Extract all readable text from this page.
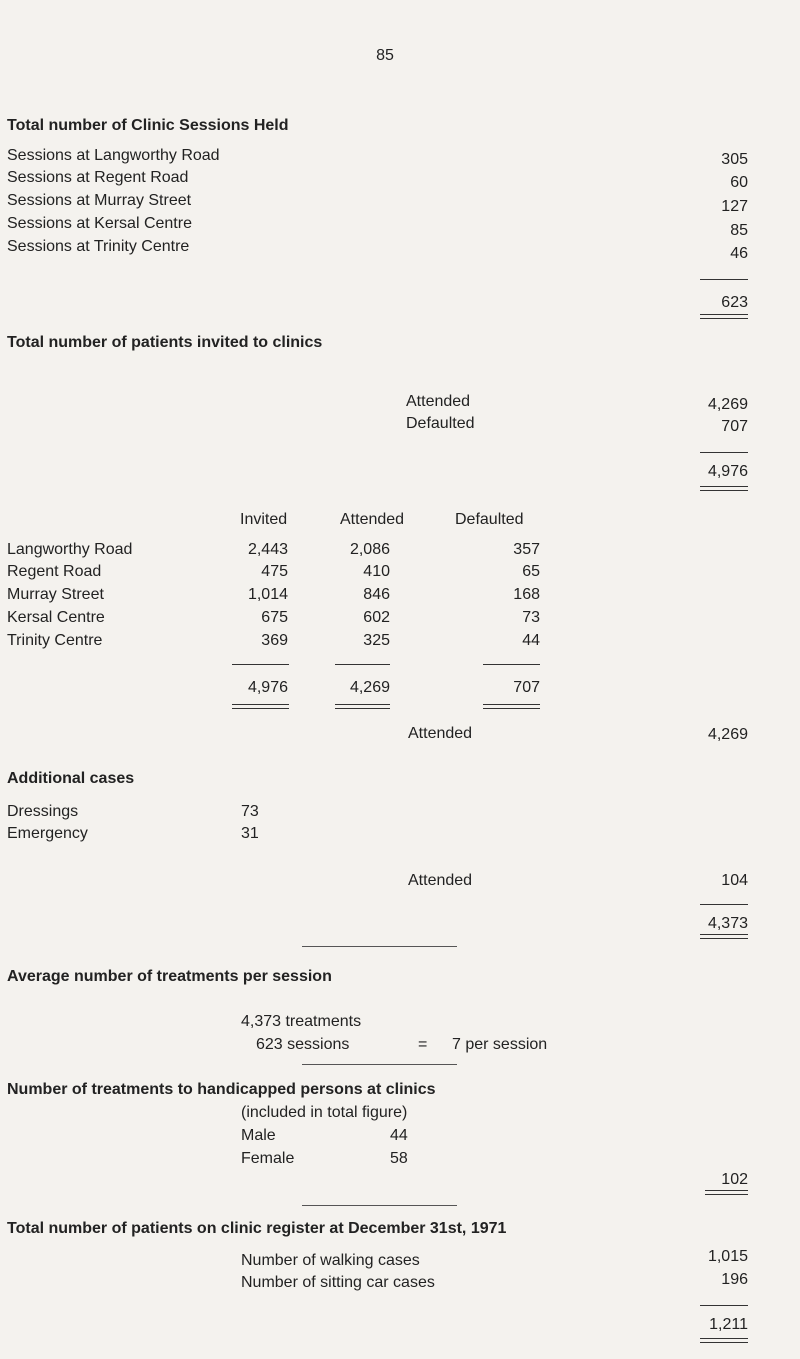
85
Total number of Clinic Sessions Held
Sessions at Langworthy Road	305
Sessions at Regent Road	60
Sessions at Murray Street	127
Sessions at Kersal Centre	85
Sessions at Trinity Centre	46
623
Total number of patients invited to clinics
Attended	4,269
Defaulted	707
4,976
Invited	Attended	Defaulted
Langworthy Road	2,443	2,086	357
Regent Road	475	410	65
Murray Street	1,014	846	168
Kersal Centre	675	602	73
Trinity Centre	369	325	44
4,976	4,269	707
Attended	4,269
Additional cases
Dressings	73
Emergency	31
Attended	104
4,373
Average number of treatments per session
4,373 treatments
623 sessions	= 7 per session
Number of treatments to handicapped persons at clinics
(included in total figure)
Male	44
Female	58
102
Total number of patients on clinic register at December 31st, 1971
Number of walking cases	1,015
Number of sitting car cases	196
1,211
